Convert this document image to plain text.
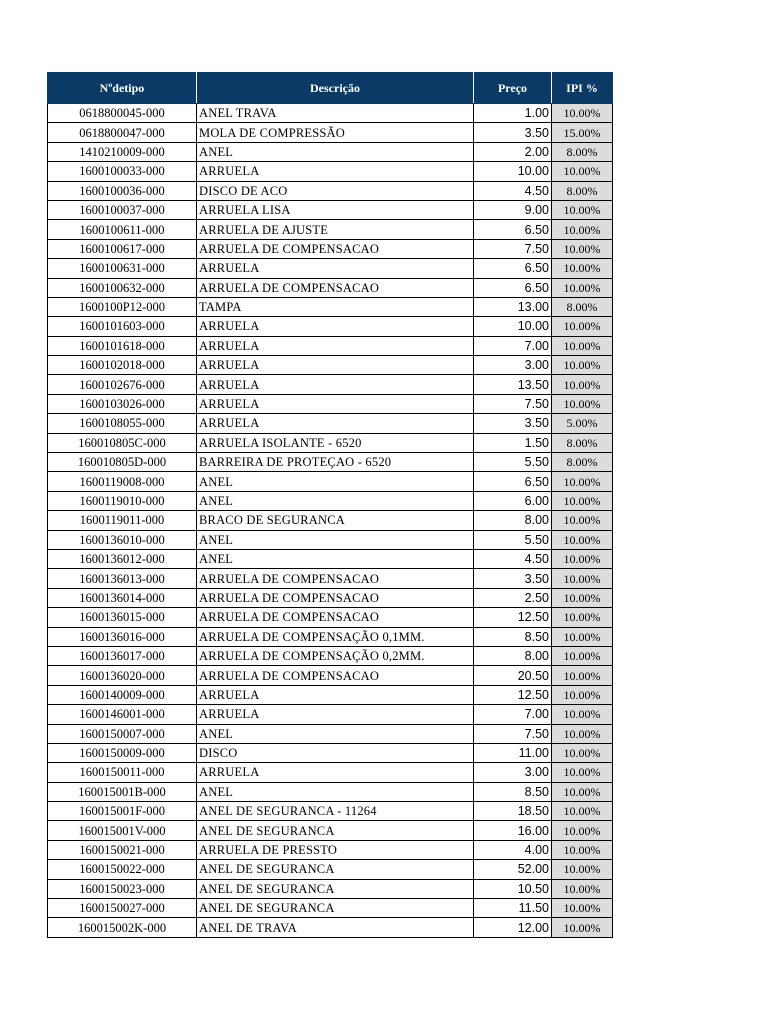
Nºdetipo	Descrição	Preço	IPI %
0618800045-000	ANEL TRAVA	1.00	10.00%
0618800047-000	MOLA DE COMPRESSÃO	3.50	15.00%
1410210009-000	ANEL	2.00	8.00%
1600100033-000	ARRUELA	10.00	10.00%
1600100036-000	DISCO DE ACO	4.50	8.00%
1600100037-000	ARRUELA LISA	9.00	10.00%
1600100611-000	ARRUELA DE AJUSTE	6.50	10.00%
1600100617-000	ARRUELA DE COMPENSACAO	7.50	10.00%
1600100631-000	ARRUELA	6.50	10.00%
1600100632-000	ARRUELA DE COMPENSACAO	6.50	10.00%
1600100P12-000	TAMPA	13.00	8.00%
1600101603-000	ARRUELA	10.00	10.00%
1600101618-000	ARRUELA	7.00	10.00%
1600102018-000	ARRUELA	3.00	10.00%
1600102676-000	ARRUELA	13.50	10.00%
1600103026-000	ARRUELA	7.50	10.00%
1600108055-000	ARRUELA	3.50	5.00%
160010805C-000	ARRUELA ISOLANTE - 6520	1.50	8.00%
160010805D-000	BARREIRA DE PROTEÇAO - 6520	5.50	8.00%
1600119008-000	ANEL	6.50	10.00%
1600119010-000	ANEL	6.00	10.00%
1600119011-000	BRACO DE SEGURANCA	8.00	10.00%
1600136010-000	ANEL	5.50	10.00%
1600136012-000	ANEL	4.50	10.00%
1600136013-000	ARRUELA DE COMPENSACAO	3.50	10.00%
1600136014-000	ARRUELA DE COMPENSACAO	2.50	10.00%
1600136015-000	ARRUELA DE COMPENSACAO	12.50	10.00%
1600136016-000	ARRUELA DE COMPENSAÇÃO 0,1MM.	8.50	10.00%
1600136017-000	ARRUELA DE COMPENSAÇÃO 0,2MM.	8.00	10.00%
1600136020-000	ARRUELA DE COMPENSACAO	20.50	10.00%
1600140009-000	ARRUELA	12.50	10.00%
1600146001-000	ARRUELA	7.00	10.00%
1600150007-000	ANEL	7.50	10.00%
1600150009-000	DISCO	11.00	10.00%
1600150011-000	ARRUELA	3.00	10.00%
160015001B-000	ANEL	8.50	10.00%
160015001F-000	ANEL DE SEGURANCA - 11264	18.50	10.00%
160015001V-000	ANEL DE SEGURANCA	16.00	10.00%
1600150021-000	ARRUELA DE PRESSTO	4.00	10.00%
1600150022-000	ANEL DE SEGURANCA	52.00	10.00%
1600150023-000	ANEL DE SEGURANCA	10.50	10.00%
1600150027-000	ANEL DE SEGURANCA	11.50	10.00%
160015002K-000	ANEL DE TRAVA	12.00	10.00%
